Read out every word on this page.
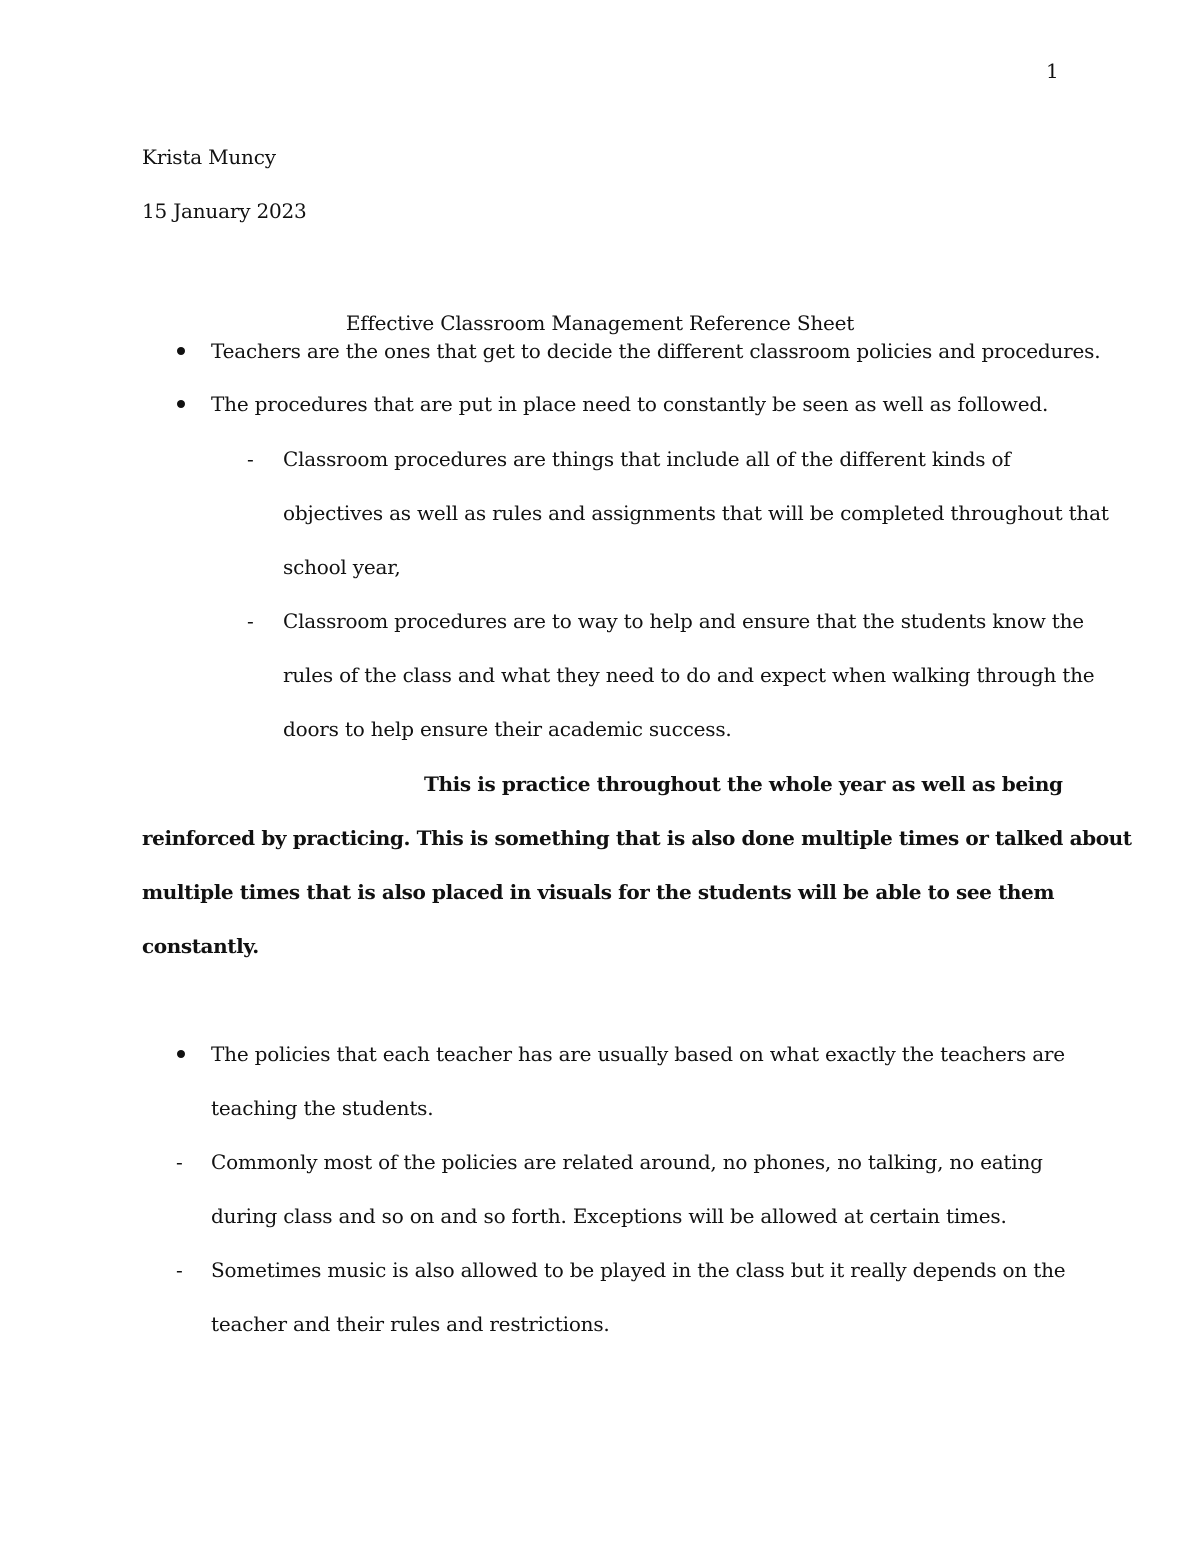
1
Krista Muncy
15 January 2023
Effective Classroom Management Reference Sheet
Teachers are the ones that get to decide the different classroom policies and procedures.
The procedures that are put in place need to constantly be seen as well as followed.
- Classroom procedures are things that include all of the different kinds of
objectives as well as rules and assignments that will be completed throughout that
school year,
- Classroom procedures are to way to help and ensure that the students know the
rules of the class and what they need to do and expect when walking through the
doors to help ensure their academic success.
This is practice throughout the whole year as well as being
reinforced by practicing. This is something that is also done multiple times or talked about
multiple times that is also placed in visuals for the students will be able to see them
constantly.
The policies that each teacher has are usually based on what exactly the teachers are
teaching the students.
- Commonly most of the policies are related around, no phones, no talking, no eating
during class and so on and so forth. Exceptions will be allowed at certain times.
- Sometimes music is also allowed to be played in the class but it really depends on the
teacher and their rules and restrictions.
